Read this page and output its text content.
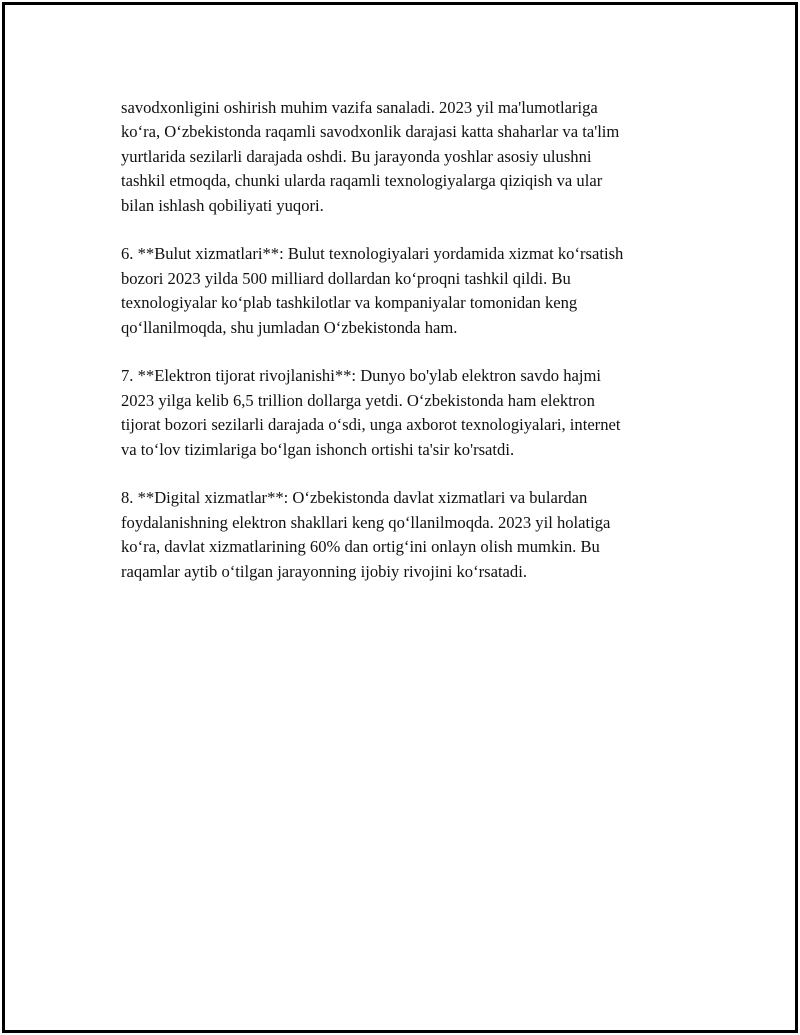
savodxonligini oshirish muhim vazifa sanaladi. 2023 yil ma'lumotlariga
ko‘ra, O‘zbekistonda raqamli savodxonlik darajasi katta shaharlar va ta'lim
yurtlarida sezilarli darajada oshdi. Bu jarayonda yoshlar asosiy ulushni
tashkil etmoqda, chunki ularda raqamli texnologiyalarga qiziqish va ular
bilan ishlash qobiliyati yuqori.

6. **Bulut xizmatlari**: Bulut texnologiyalari yordamida xizmat ko‘rsatish
bozori 2023 yilda 500 milliard dollardan ko‘proqni tashkil qildi. Bu
texnologiyalar ko‘plab tashkilotlar va kompaniyalar tomonidan keng
qo‘llanilmoqda, shu jumladan O‘zbekistonda ham.

7. **Elektron tijorat rivojlanishi**: Dunyo bo'ylab elektron savdo hajmi
2023 yilga kelib 6,5 trillion dollarga yetdi. O‘zbekistonda ham elektron
tijorat bozori sezilarli darajada o‘sdi, unga axborot texnologiyalari, internet
va to‘lov tizimlariga bo‘lgan ishonch ortishi ta'sir ko'rsatdi.

8. **Digital xizmatlar**: O‘zbekistonda davlat xizmatlari va bulardan
foydalanishning elektron shakllari keng qo‘llanilmoqda. 2023 yil holatiga
ko‘ra, davlat xizmatlarining 60% dan ortig‘ini onlayn olish mumkin. Bu
raqamlar aytib o‘tilgan jarayonning ijobiy rivojini ko‘rsatadi.
